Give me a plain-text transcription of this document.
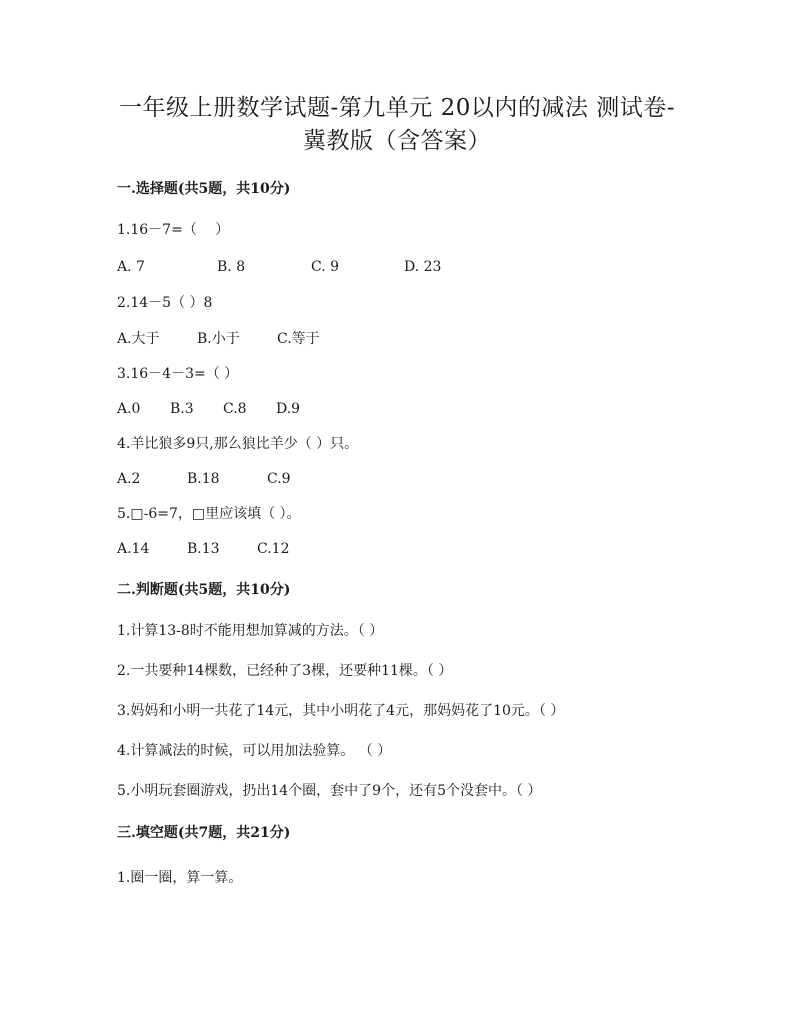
一年级上册数学试题-第九单元 20以内的减法 测试卷-
冀教版（含答案）
一.选择题(共5题，共10分)
1.16－7=（　 ）
A. 7	B. 8	C. 9	D. 23
2.14－5（ ）8
A.大于	B.小于	C.等于
3.16－4－3=（ ）
A.0	B.3	C.8	D.9
4.羊比狼多9只,那么狼比羊少（ ）只。
A.2	B.18	C.9
5.□-6=7，□里应该填（ ）。
A.14	B.13	C.12
二.判断题(共5题，共10分)
1.计算13-8时不能用想加算减的方法。（ ）
2.一共要种14棵数，已经种了3棵，还要种11棵。（ ）
3.妈妈和小明一共花了14元，其中小明花了4元，那妈妈花了10元。（ ）
4.计算减法的时候，可以用加法验算。 （ ）
5.小明玩套圈游戏，扔出14个圈，套中了9个，还有5个没套中。（ ）
三.填空题(共7题，共21分)
1.圈一圈，算一算。
